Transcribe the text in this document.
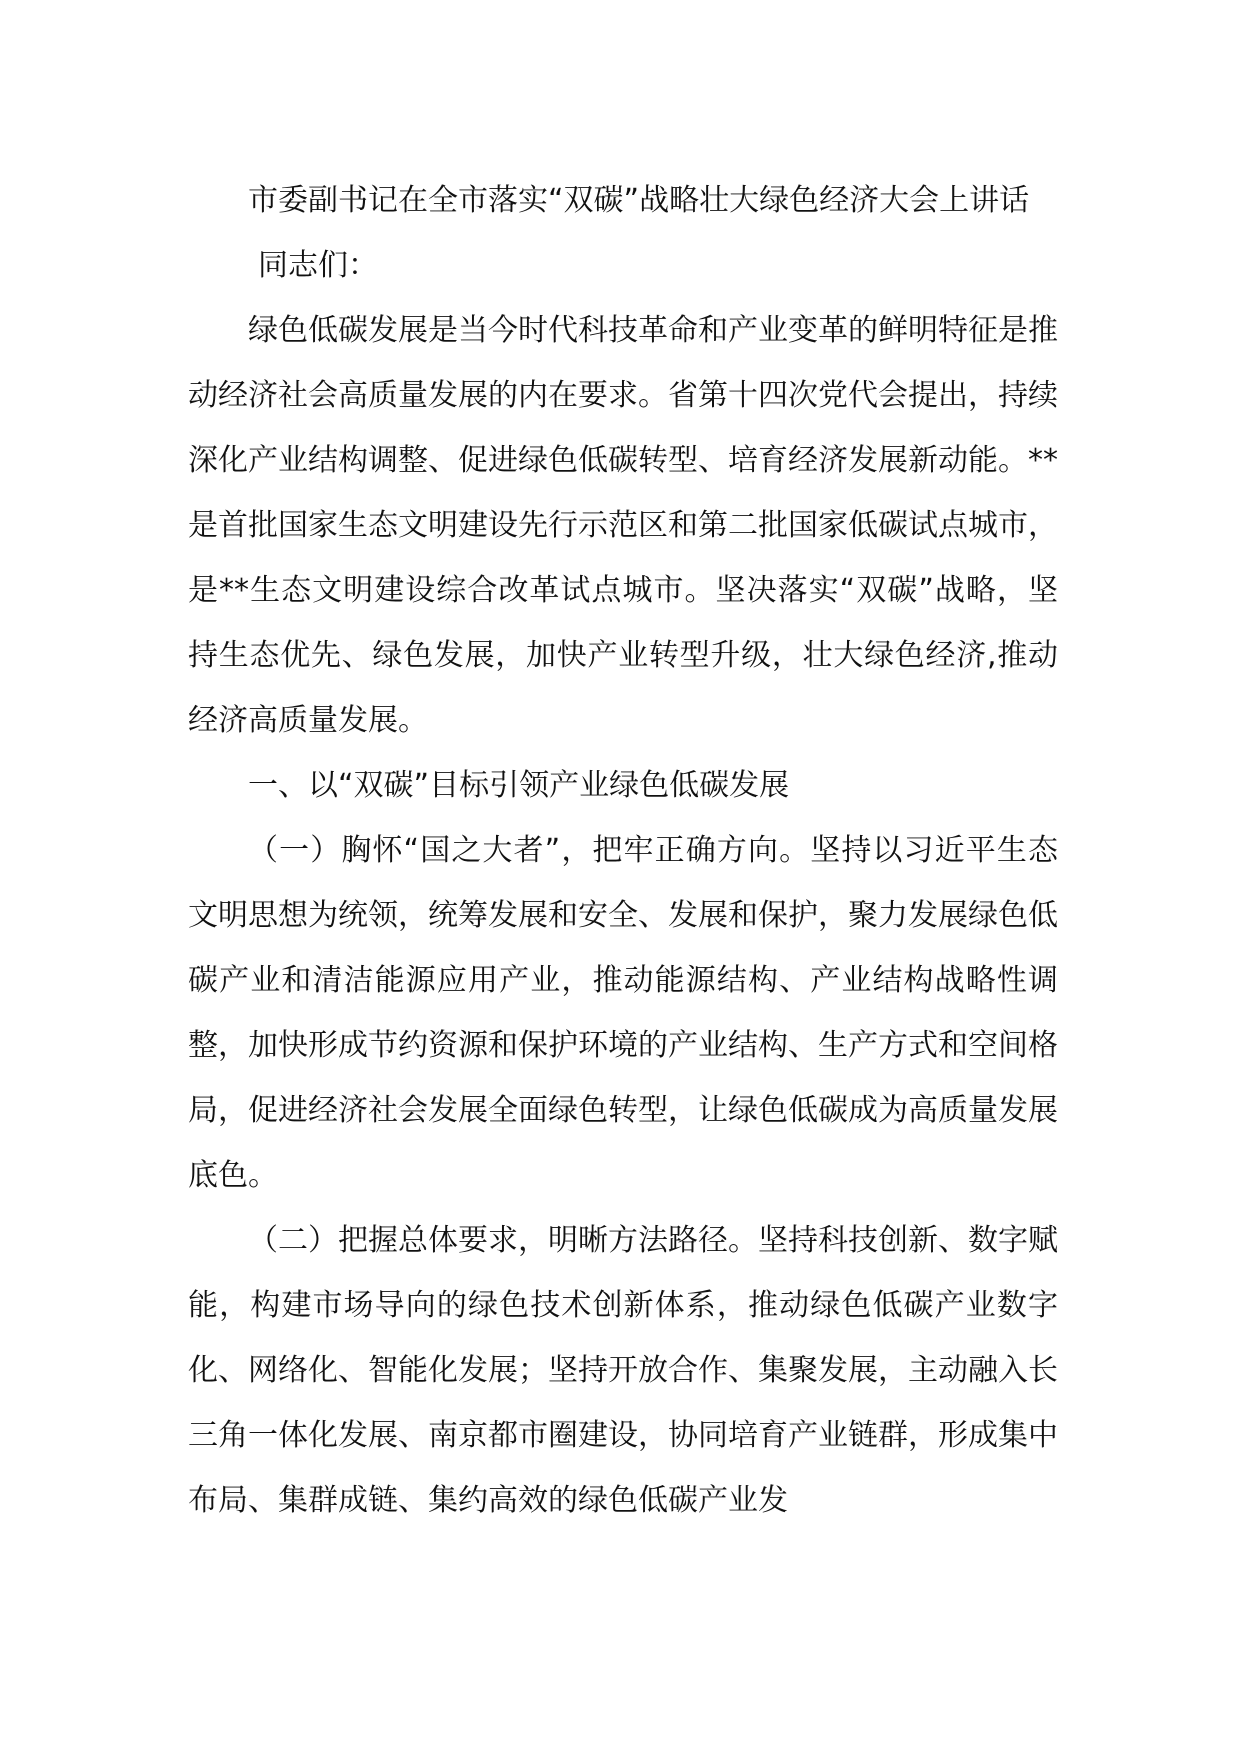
市委副书记在全市落实“双碳”战略壮大绿色经济大会上讲话

同志们：

绿色低碳发展是当今时代科技革命和产业变革的鲜明特征是推动经济社会高质量发展的内在要求。省第十四次党代会提出，持续深化产业结构调整、促进绿色低碳转型、培育经济发展新动能。**是首批国家生态文明建设先行示范区和第二批国家低碳试点城市，是**生态文明建设综合改革试点城市。坚决落实“双碳”战略，坚持生态优先、绿色发展，加快产业转型升级，壮大绿色经济,推动经济高质量发展。

一、以“双碳”目标引领产业绿色低碳发展

（一）胸怀“国之大者”，把牢正确方向。坚持以习近平生态文明思想为统领，统筹发展和安全、发展和保护，聚力发展绿色低碳产业和清洁能源应用产业，推动能源结构、产业结构战略性调整，加快形成节约资源和保护环境的产业结构、生产方式和空间格局，促进经济社会发展全面绿色转型，让绿色低碳成为高质量发展底色。

（二）把握总体要求，明晰方法路径。坚持科技创新、数字赋能，构建市场导向的绿色技术创新体系，推动绿色低碳产业数字化、网络化、智能化发展；坚持开放合作、集聚发展，主动融入长三角一体化发展、南京都市圈建设，协同培育产业链群，形成集中布局、集群成链、集约高效的绿色低碳产业发
